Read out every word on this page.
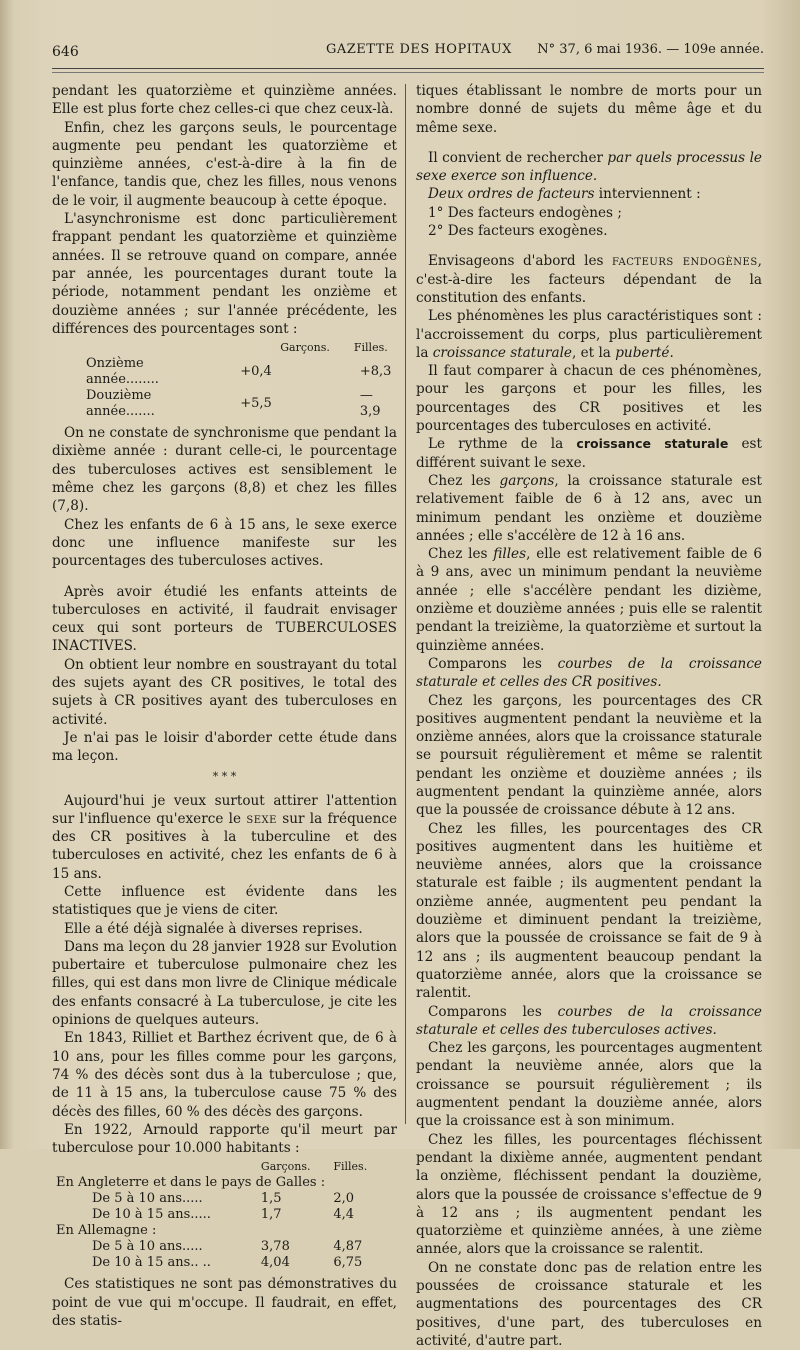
646	GAZETTE DES HOPITAUX N° 37, 6 mai 1936. — 109e année.

pendant les quatorzième et quinzième années. Elle est plus forte chez celles-ci que chez ceux-là.

Enfin, chez les garçons seuls, le pourcentage augmente peu pendant les quatorzième et quinzième années, c'est-à-dire à la fin de l'enfance, tandis que, chez les filles, nous venons de le voir, il augmente beaucoup à cette époque.

L'asynchronisme est donc particulièrement frappant pendant les quatorzième et quinzième années. Il se retrouve quand on compare, année par année, les pourcentages durant toute la période, notamment pendant les onzième et douzième années ; sur l'année précédente, les différences des pourcentages sont :

	Garçons.	Filles.
Onzième année........	+0,4	+8,3
Douzième année.......	+5,5	—3,9

On ne constate de synchronisme que pendant la dixième année : durant celle-ci, le pourcentage des tuberculoses actives est sensiblement le même chez les garçons (8,8) et chez les filles (7,8).

Chez les enfants de 6 à 15 ans, le sexe exerce donc une influence manifeste sur les pourcentages des tuberculoses actives.

Après avoir étudié les enfants atteints de tuberculoses en activité, il faudrait envisager ceux qui sont porteurs de TUBERCULOSES INACTIVES.

On obtient leur nombre en soustrayant du total des sujets ayant des CR positives, le total des sujets à CR positives ayant des tuberculoses en activité.

Je n'ai pas le loisir d'aborder cette étude dans ma leçon.

* * *

Aujourd'hui je veux surtout attirer l'attention sur l'influence qu'exerce le sexe sur la fréquence des CR positives à la tuberculine et des tuberculoses en activité, chez les enfants de 6 à 15 ans.

Cette influence est évidente dans les statistiques que je viens de citer.

Elle a été déjà signalée à diverses reprises.

Dans ma leçon du 28 janvier 1928 sur Evolution pubertaire et tuberculose pulmonaire chez les filles, qui est dans mon livre de Clinique médicale des enfants consacré à La tuberculose, je cite les opinions de quelques auteurs.

En 1843, Rilliet et Barthez écrivent que, de 6 à 10 ans, pour les filles comme pour les garçons, 74 % des décès sont dus à la tuberculose ; que, de 11 à 15 ans, la tuberculose cause 75 % des décès des filles, 60 % des décès des garçons.

En 1922, Arnould rapporte qu'il meurt par tuberculose pour 10.000 habitants :

	Garçons.	Filles.
En Angleterre et dans le pays de Galles :		
De 5 à 10 ans.....	1,5	2,0
De 10 à 15 ans.....	1,7	4,4
En Allemagne :		
De 5 à 10 ans.....	3,78	4,87
De 10 à 15 ans.. ..	4,04	6,75

Ces statistiques ne sont pas démonstratives du point de vue qui m'occupe. Il faudrait, en effet, des statis-

tiques établissant le nombre de morts pour un nombre donné de sujets du même âge et du même sexe.

Il convient de rechercher par quels processus le sexe exerce son influence.

Deux ordres de facteurs interviennent :

1° Des facteurs endogènes ;

2° Des facteurs exogènes.

Envisageons d'abord les facteurs endogènes, c'est-à-dire les facteurs dépendant de la constitution des enfants.

Les phénomènes les plus caractéristiques sont : l'accroissement du corps, plus particulièrement la croissance staturale, et la puberté.

Il faut comparer à chacun de ces phénomènes, pour les garçons et pour les filles, les pourcentages des CR positives et les pourcentages des tuberculoses en activité.

Le rythme de la croissance staturale est différent suivant le sexe.

Chez les garçons, la croissance staturale est relativement faible de 6 à 12 ans, avec un minimum pendant les onzième et douzième années ; elle s'accélère de 12 à 16 ans.

Chez les filles, elle est relativement faible de 6 à 9 ans, avec un minimum pendant la neuvième année ; elle s'accélère pendant les dizième, onzième et douzième années ; puis elle se ralentit pendant la treizième, la quatorzième et surtout la quinzième années.

Comparons les courbes de la croissance staturale et celles des CR positives.

Chez les garçons, les pourcentages des CR positives augmentent pendant la neuvième et la onzième années, alors que la croissance staturale se poursuit régulièrement et même se ralentit pendant les onzième et douzième années ; ils augmentent pendant la quinzième année, alors que la poussée de croissance débute à 12 ans.

Chez les filles, les pourcentages des CR positives augmentent dans les huitième et neuvième années, alors que la croissance staturale est faible ; ils augmentent pendant la onzième année, augmentent peu pendant la douzième et diminuent pendant la treizième, alors que la poussée de croissance se fait de 9 à 12 ans ; ils augmentent beaucoup pendant la quatorzième année, alors que la croissance se ralentit.

Comparons les courbes de la croissance staturale et celles des tuberculoses actives.

Chez les garçons, les pourcentages augmentent pendant la neuvième année, alors que la croissance se poursuit régulièrement ; ils augmentent pendant la douzième année, alors que la croissance est à son minimum.

Chez les filles, les pourcentages fléchissent pendant la dixième année, augmentent pendant la onzième, fléchissent pendant la douzième, alors que la poussée de croissance s'effectue de 9 à 12 ans ; ils augmentent pendant les quatorzième et quinzième années, à une zième année, alors que la croissance se ralentit.

On ne constate donc pas de relation entre les poussées de croissance staturale et les augmentations des pourcentages des CR positives, d'une part, des tuberculoses en activité, d'autre part.
